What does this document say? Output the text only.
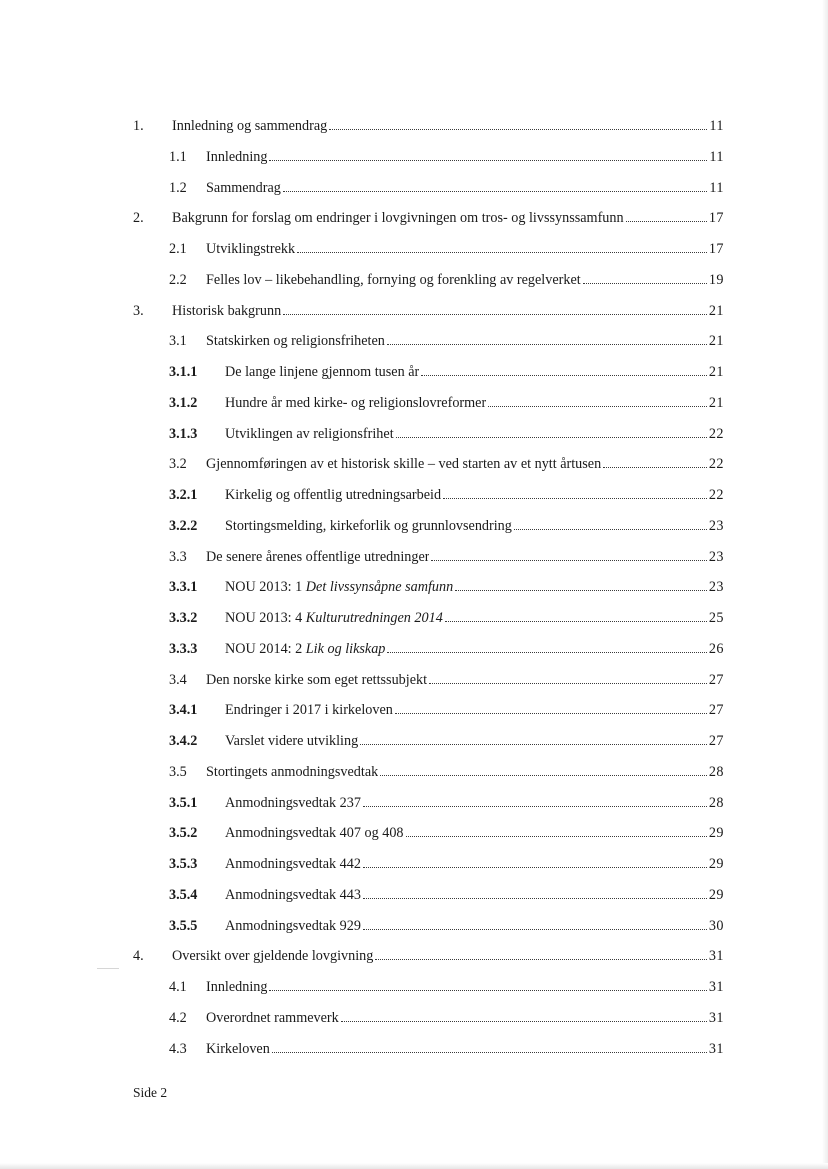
1.	Innledning og sammendrag	11
1.1	Innledning	11
1.2	Sammendrag	11
2.	Bakgrunn for forslag om endringer i lovgivningen om tros- og livssynssamfunn	17
2.1	Utviklingstrekk	17
2.2	Felles lov – likebehandling, fornying og forenkling av regelverket	19
3.	Historisk bakgrunn	21
3.1	Statskirken og religionsfriheten	21
3.1.1	De lange linjene gjennom tusen år	21
3.1.2	Hundre år med kirke- og religionslovreformer	21
3.1.3	Utviklingen av religionsfrihet	22
3.2	Gjennomføringen av et historisk skille – ved starten av et nytt årtusen	22
3.2.1	Kirkelig og offentlig utredningsarbeid	22
3.2.2	Stortingsmelding, kirkeforlik og grunnlovsendring	23
3.3	De senere årenes offentlige utredninger	23
3.3.1	NOU 2013: 1 Det livssynsåpne samfunn	23
3.3.2	NOU 2013: 4 Kulturutredningen 2014	25
3.3.3	NOU 2014: 2 Lik og likskap	26
3.4	Den norske kirke som eget rettssubjekt	27
3.4.1	Endringer i 2017 i kirkeloven	27
3.4.2	Varslet videre utvikling	27
3.5	Stortingets anmodningsvedtak	28
3.5.1	Anmodningsvedtak 237	28
3.5.2	Anmodningsvedtak 407 og 408	29
3.5.3	Anmodningsvedtak 442	29
3.5.4	Anmodningsvedtak 443	29
3.5.5	Anmodningsvedtak 929	30
4.	Oversikt over gjeldende lovgivning	31
4.1	Innledning	31
4.2	Overordnet rammeverk	31
4.3	Kirkeloven	31
Side 2
